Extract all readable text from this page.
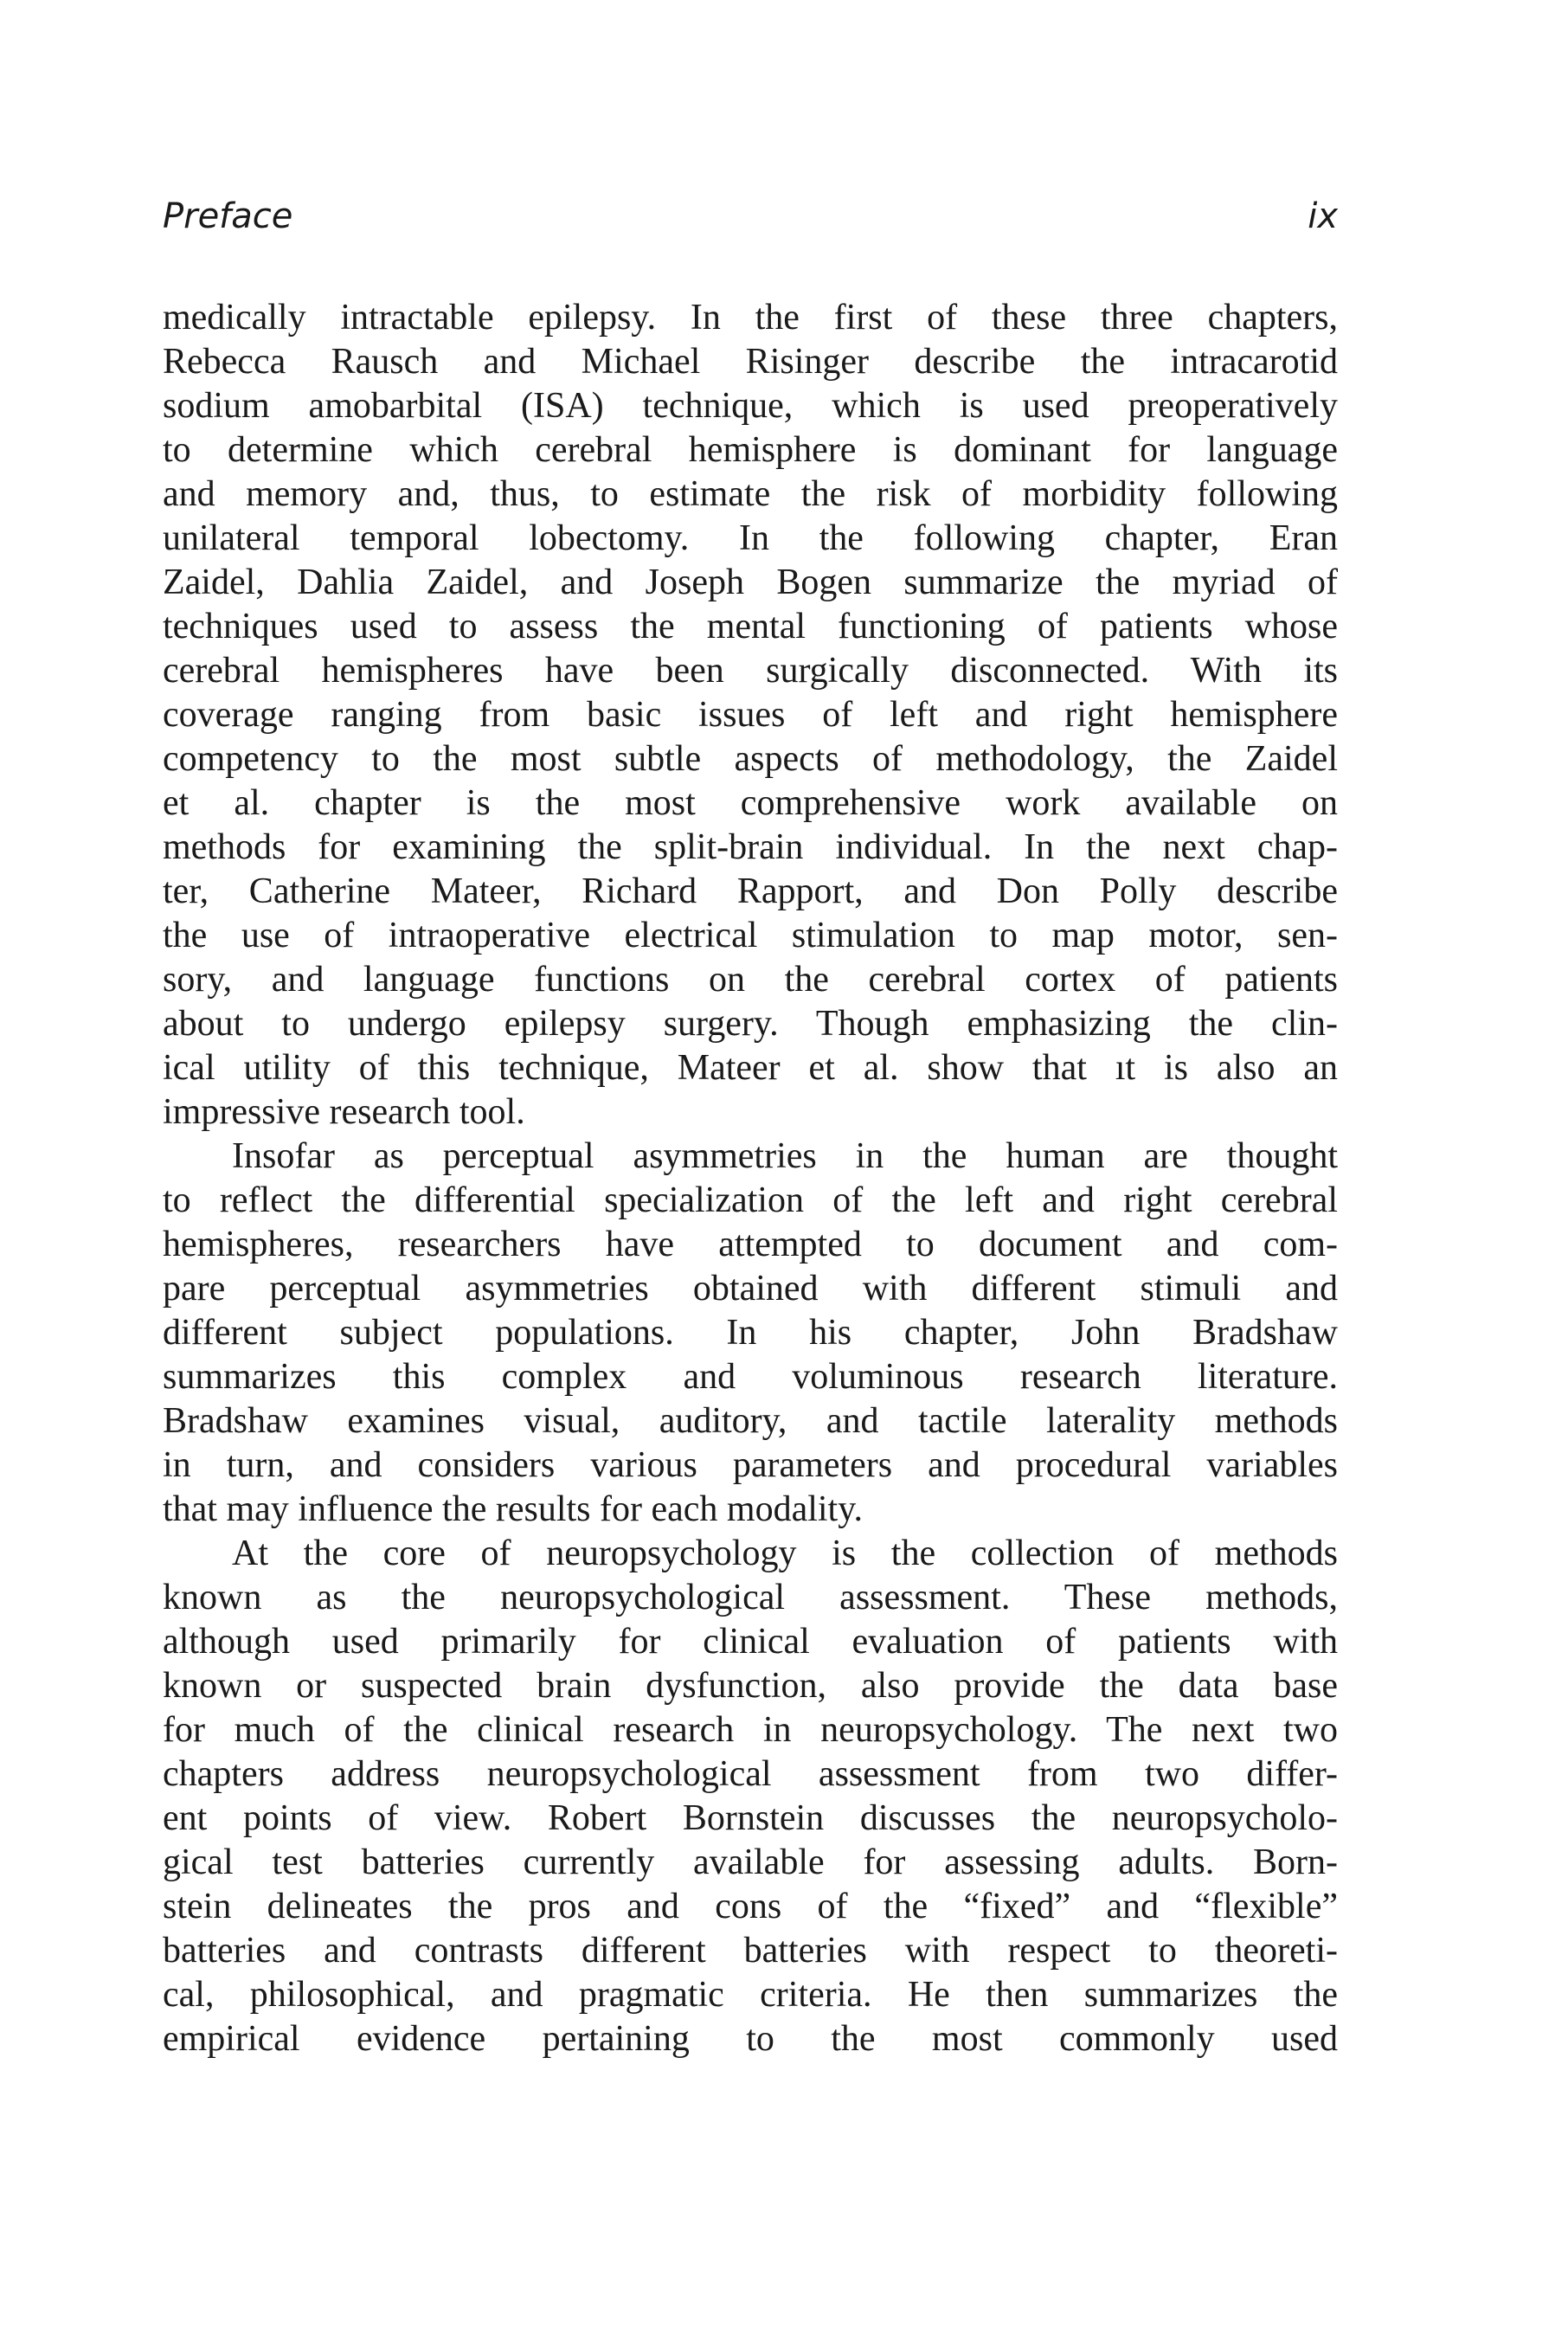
Preface	ix
medically intractable epilepsy. In the first of these three chapters,
Rebecca Rausch and Michael Risinger describe the intracarotid
sodium amobarbital (ISA) technique, which is used preoperatively
to determine which cerebral hemisphere is dominant for language
and memory and, thus, to estimate the risk of morbidity following
unilateral temporal lobectomy. In the following chapter, Eran
Zaidel, Dahlia Zaidel, and Joseph Bogen summarize the myriad of
techniques used to assess the mental functioning of patients whose
cerebral hemispheres have been surgically disconnected. With its
coverage ranging from basic issues of left and right hemisphere
competency to the most subtle aspects of methodology, the Zaidel
et al. chapter is the most comprehensive work available on
methods for examining the split-brain individual. In the next chap-
ter, Catherine Mateer, Richard Rapport, and Don Polly describe
the use of intraoperative electrical stimulation to map motor, sen-
sory, and language functions on the cerebral cortex of patients
about to undergo epilepsy surgery. Though emphasizing the clin-
ical utility of this technique, Mateer et al. show that ıt is also an
impressive research tool.
Insofar as perceptual asymmetries in the human are thought
to reflect the differential specialization of the left and right cerebral
hemispheres, researchers have attempted to document and com-
pare perceptual asymmetries obtained with different stimuli and
different subject populations. In his chapter, John Bradshaw
summarizes this complex and voluminous research literature.
Bradshaw examines visual, auditory, and tactile laterality methods
in turn, and considers various parameters and procedural variables
that may influence the results for each modality.
At the core of neuropsychology is the collection of methods
known as the neuropsychological assessment. These methods,
although used primarily for clinical evaluation of patients with
known or suspected brain dysfunction, also provide the data base
for much of the clinical research in neuropsychology. The next two
chapters address neuropsychological assessment from two differ-
ent points of view. Robert Bornstein discusses the neuropsycholo-
gical test batteries currently available for assessing adults. Born-
stein delineates the pros and cons of the “fixed” and “flexible”
batteries and contrasts different batteries with respect to theoreti-
cal, philosophical, and pragmatic criteria. He then summarizes the
empirical evidence pertaining to the most commonly used
